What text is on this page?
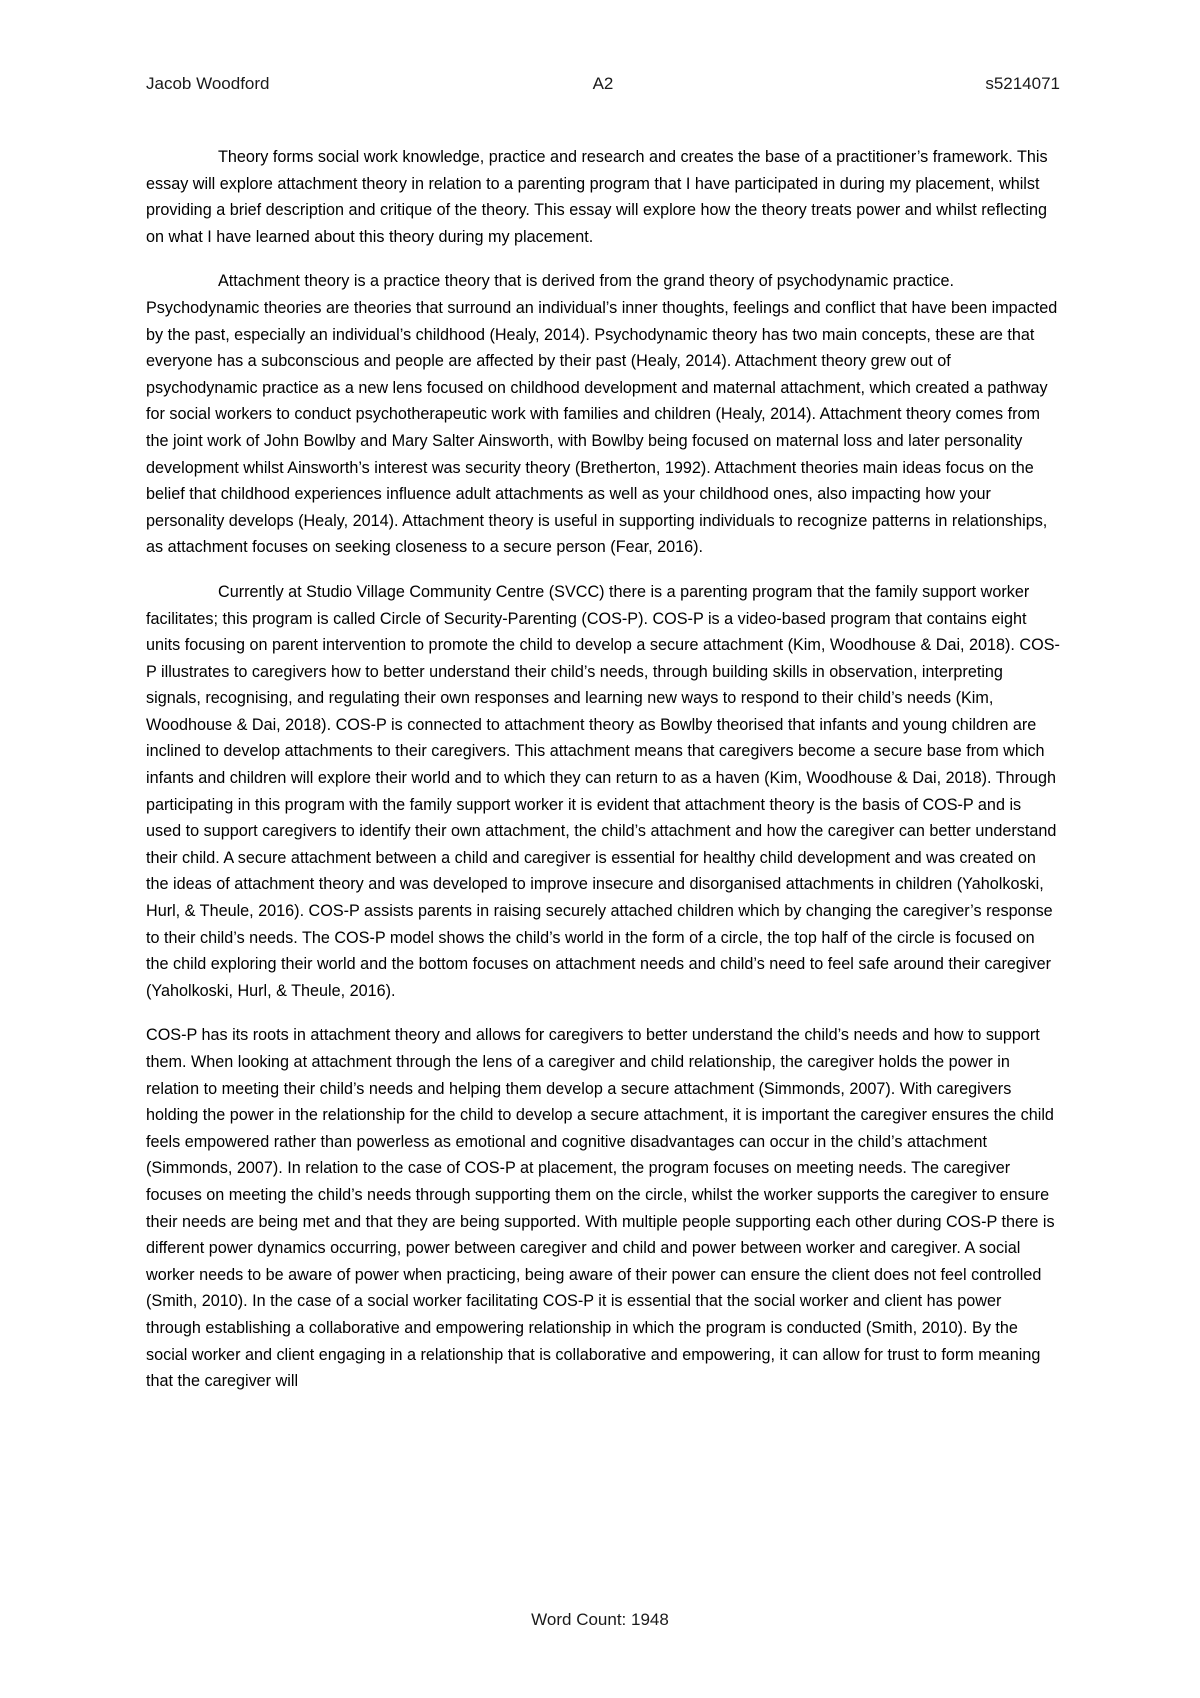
Jacob Woodford	A2	s5214071

Theory forms social work knowledge, practice and research and creates the base of a practitioner’s framework. This essay will explore attachment theory in relation to a parenting program that I have participated in during my placement, whilst providing a brief description and critique of the theory. This essay will explore how the theory treats power and whilst reflecting on what I have learned about this theory during my placement.

Attachment theory is a practice theory that is derived from the grand theory of psychodynamic practice. Psychodynamic theories are theories that surround an individual’s inner thoughts, feelings and conflict that have been impacted by the past, especially an individual’s childhood (Healy, 2014). Psychodynamic theory has two main concepts, these are that everyone has a subconscious and people are affected by their past (Healy, 2014). Attachment theory grew out of psychodynamic practice as a new lens focused on childhood development and maternal attachment, which created a pathway for social workers to conduct psychotherapeutic work with families and children (Healy, 2014). Attachment theory comes from the joint work of John Bowlby and Mary Salter Ainsworth, with Bowlby being focused on maternal loss and later personality development whilst Ainsworth’s interest was security theory (Bretherton, 1992). Attachment theories main ideas focus on the belief that childhood experiences influence adult attachments as well as your childhood ones, also impacting how your personality develops (Healy, 2014). Attachment theory is useful in supporting individuals to recognize patterns in relationships, as attachment focuses on seeking closeness to a secure person (Fear, 2016).

Currently at Studio Village Community Centre (SVCC) there is a parenting program that the family support worker facilitates; this program is called Circle of Security-Parenting (COS-P). COS-P is a video-based program that contains eight units focusing on parent intervention to promote the child to develop a secure attachment (Kim, Woodhouse & Dai, 2018). COS-P illustrates to caregivers how to better understand their child’s needs, through building skills in observation, interpreting signals, recognising, and regulating their own responses and learning new ways to respond to their child’s needs (Kim, Woodhouse & Dai, 2018). COS-P is connected to attachment theory as Bowlby theorised that infants and young children are inclined to develop attachments to their caregivers. This attachment means that caregivers become a secure base from which infants and children will explore their world and to which they can return to as a haven (Kim, Woodhouse & Dai, 2018). Through participating in this program with the family support worker it is evident that attachment theory is the basis of COS-P and is used to support caregivers to identify their own attachment, the child’s attachment and how the caregiver can better understand their child. A secure attachment between a child and caregiver is essential for healthy child development and was created on the ideas of attachment theory and was developed to improve insecure and disorganised attachments in children (Yaholkoski, Hurl, & Theule, 2016). COS-P assists parents in raising securely attached children which by changing the caregiver’s response to their child’s needs. The COS-P model shows the child’s world in the form of a circle, the top half of the circle is focused on the child exploring their world and the bottom focuses on attachment needs and child’s need to feel safe around their caregiver (Yaholkoski, Hurl, & Theule, 2016).

COS-P has its roots in attachment theory and allows for caregivers to better understand the child’s needs and how to support them. When looking at attachment through the lens of a caregiver and child relationship, the caregiver holds the power in relation to meeting their child’s needs and helping them develop a secure attachment (Simmonds, 2007). With caregivers holding the power in the relationship for the child to develop a secure attachment, it is important the caregiver ensures the child feels empowered rather than powerless as emotional and cognitive disadvantages can occur in the child’s attachment (Simmonds, 2007). In relation to the case of COS-P at placement, the program focuses on meeting needs. The caregiver focuses on meeting the child’s needs through supporting them on the circle, whilst the worker supports the caregiver to ensure their needs are being met and that they are being supported. With multiple people supporting each other during COS-P there is different power dynamics occurring, power between caregiver and child and power between worker and caregiver. A social worker needs to be aware of power when practicing, being aware of their power can ensure the client does not feel controlled (Smith, 2010). In the case of a social worker facilitating COS-P it is essential that the social worker and client has power through establishing a collaborative and empowering relationship in which the program is conducted (Smith, 2010). By the social worker and client engaging in a relationship that is collaborative and empowering, it can allow for trust to form meaning that the caregiver will

Word Count: 1948
